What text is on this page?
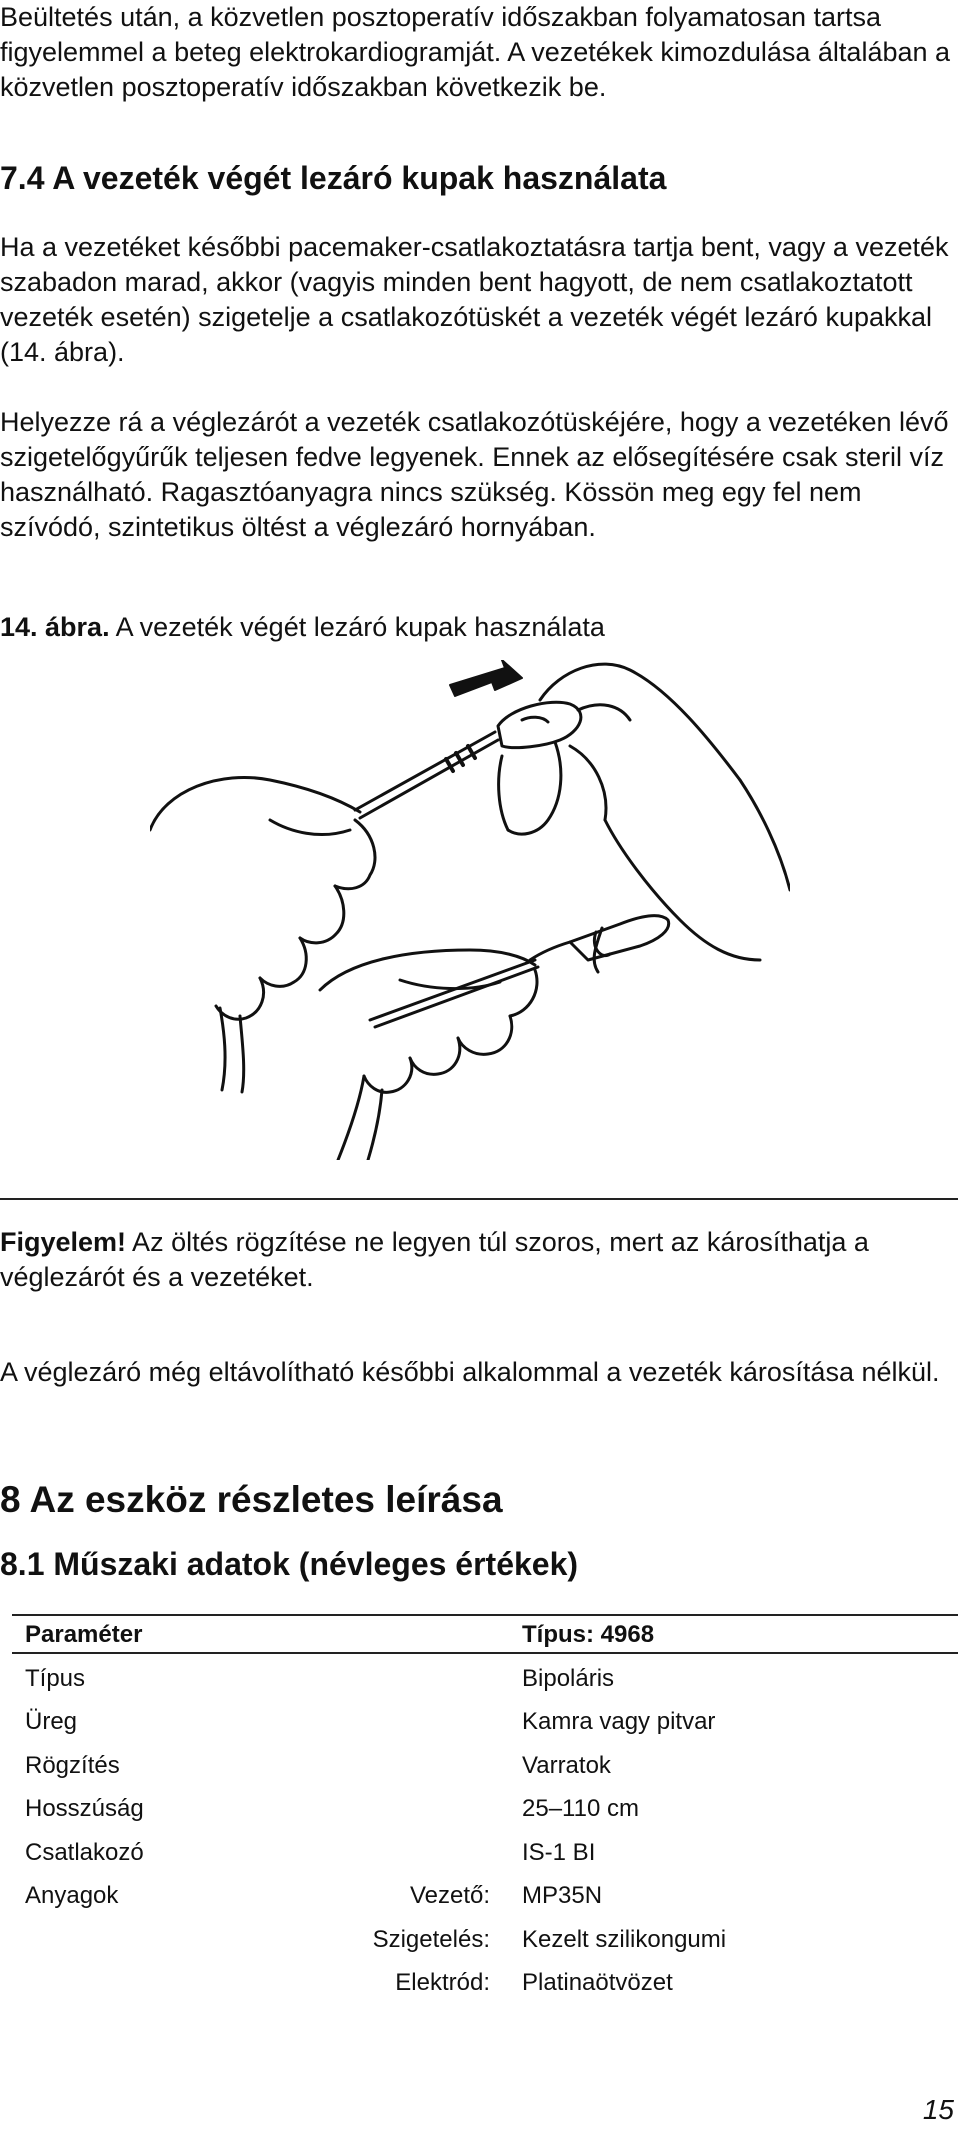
Beültetés után, a közvetlen posztoperatív időszakban folyamatosan tartsa figyelemmel a beteg elektrokardiogramját. A vezetékek kimozdulása általában a közvetlen posztoperatív időszakban következik be.

7.4 A vezeték végét lezáró kupak használata

Ha a vezetéket későbbi pacemaker-csatlakoztatásra tartja bent, vagy a vezeték szabadon marad, akkor (vagyis minden bent hagyott, de nem csatlakoztatott vezeték esetén) szigetelje a csatlakozótüskét a vezeték végét lezáró kupakkal (14. ábra).

Helyezze rá a véglezárót a vezeték csatlakozótüskéjére, hogy a vezetéken lévő szigetelőgyűrűk teljesen fedve legyenek. Ennek az elősegítésére csak steril víz használható. Ragasztóanyagra nincs szükség. Kössön meg egy fel nem szívódó, szintetikus öltést a véglezáró hornyában.

14. ábra. A vezeték végét lezáró kupak használata

Figyelem! Az öltés rögzítése ne legyen túl szoros, mert az károsíthatja a véglezárót és a vezetéket.

A véglezáró még eltávolítható későbbi alkalommal a vezeték károsítása nélkül.

8 Az eszköz részletes leírása
8.1 Műszaki adatok (névleges értékek)
Paraméter	Típus: 4968
Típus	Bipoláris
Üreg	Kamra vagy pitvar
Rögzítés	Varratok
Hosszúság	25–110 cm
Csatlakozó	IS-1 BI
Anyagok	Vezető: MP35N
Szigetelés: Kezelt szilikongumi
Elektród: Platinaötvözet
15
